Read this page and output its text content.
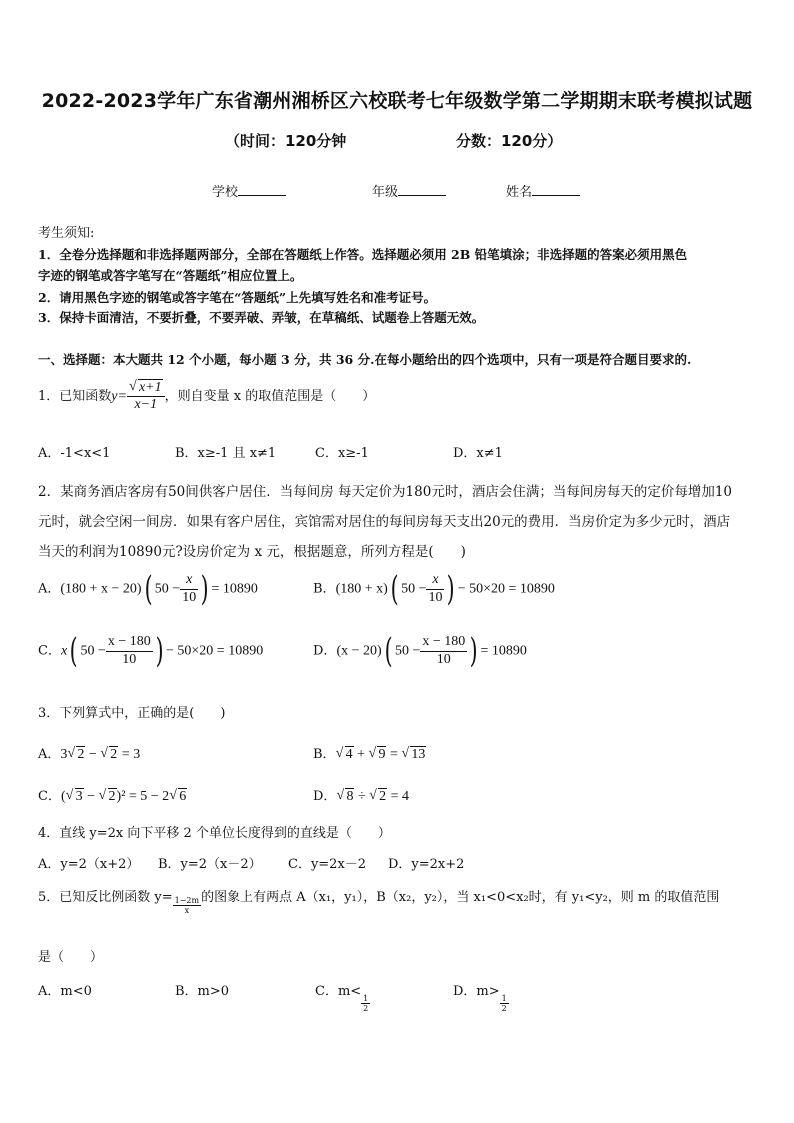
2022-2023学年广东省潮州湘桥区六校联考七年级数学第二学期期末联考模拟试题
（时间：120分钟	分数：120分）
学校	年级	姓名
考生须知:
1．全卷分选择题和非选择题两部分，全部在答题纸上作答。选择题必须用 2B 铅笔填涂；非选择题的答案必须用黑色
字迹的钢笔或答字笔写在“答题纸”相应位置上。
2．请用黑色字迹的钢笔或答字笔在“答题纸”上先填写姓名和准考证号。
3．保持卡面清洁，不要折叠，不要弄破、弄皱，在草稿纸、试题卷上答题无效。
一、选择题：本大题共 12 个小题，每小题 3 分，共 36 分.在每小题给出的四个选项中，只有一项是符合题目要求的.
1．已知函数y= √ $\frac{x+1}{x-1}$ ，则自变量 x 的取值范围是（　　）
A．-1<x<1	B．x≥-1 且 x≠1	C．x≥-1	D．x≠1
2．某商务酒店客房有50间供客户居住．当每间房 每天定价为180元时，酒店会住满；当每间房每天的定价每增加10
元时，就会空闲一间房．如果有客户居住，宾馆需对居住的每间房每天支出20元的费用．当房价定为多少元时，酒店
当天的利润为10890元?设房价定为 x 元，根据题意，所列方程是(　　)
A．(180 + x − 20)( $50 - \frac{x}{10}$ ) = 10890	B．(180 + x)( $50 - \frac{x}{10}$ ) − 50×20 = 10890
C．x( $50 - \frac{x - 180}{10}$ ) − 50×20 = 10890	D．(x − 20)( $50 - \frac{x - 180}{10}$ ) = 10890
3．下列算式中，正确的是(　　)
A．3 √ 2 − √ 2 = 3	B． √ 4 + √ 9 = √ 13
C．( √ 3 − √ 2)² = 5 − 2 √ 6	D． √ 8 ÷ √ 2 = 4
4．直线 y=2x 向下平移 2 个单位长度得到的直线是（　　）
A．y=2（x+2） B．y=2（x－2） C．y=2x－2 D．y=2x+2
5．已知反比例函数 $y= \frac{1-2m}{x}$ 的图象上有两点 A（x₁，y₁），B（x₂，y₂），当 x₁<0<x₂时，有 y₁<y₂，则 m 的取值范围
是（　　）
A．m<0	B．m>0	C．m<
$\frac{1}{2}$
D．m>
$\frac{1}{2}$
